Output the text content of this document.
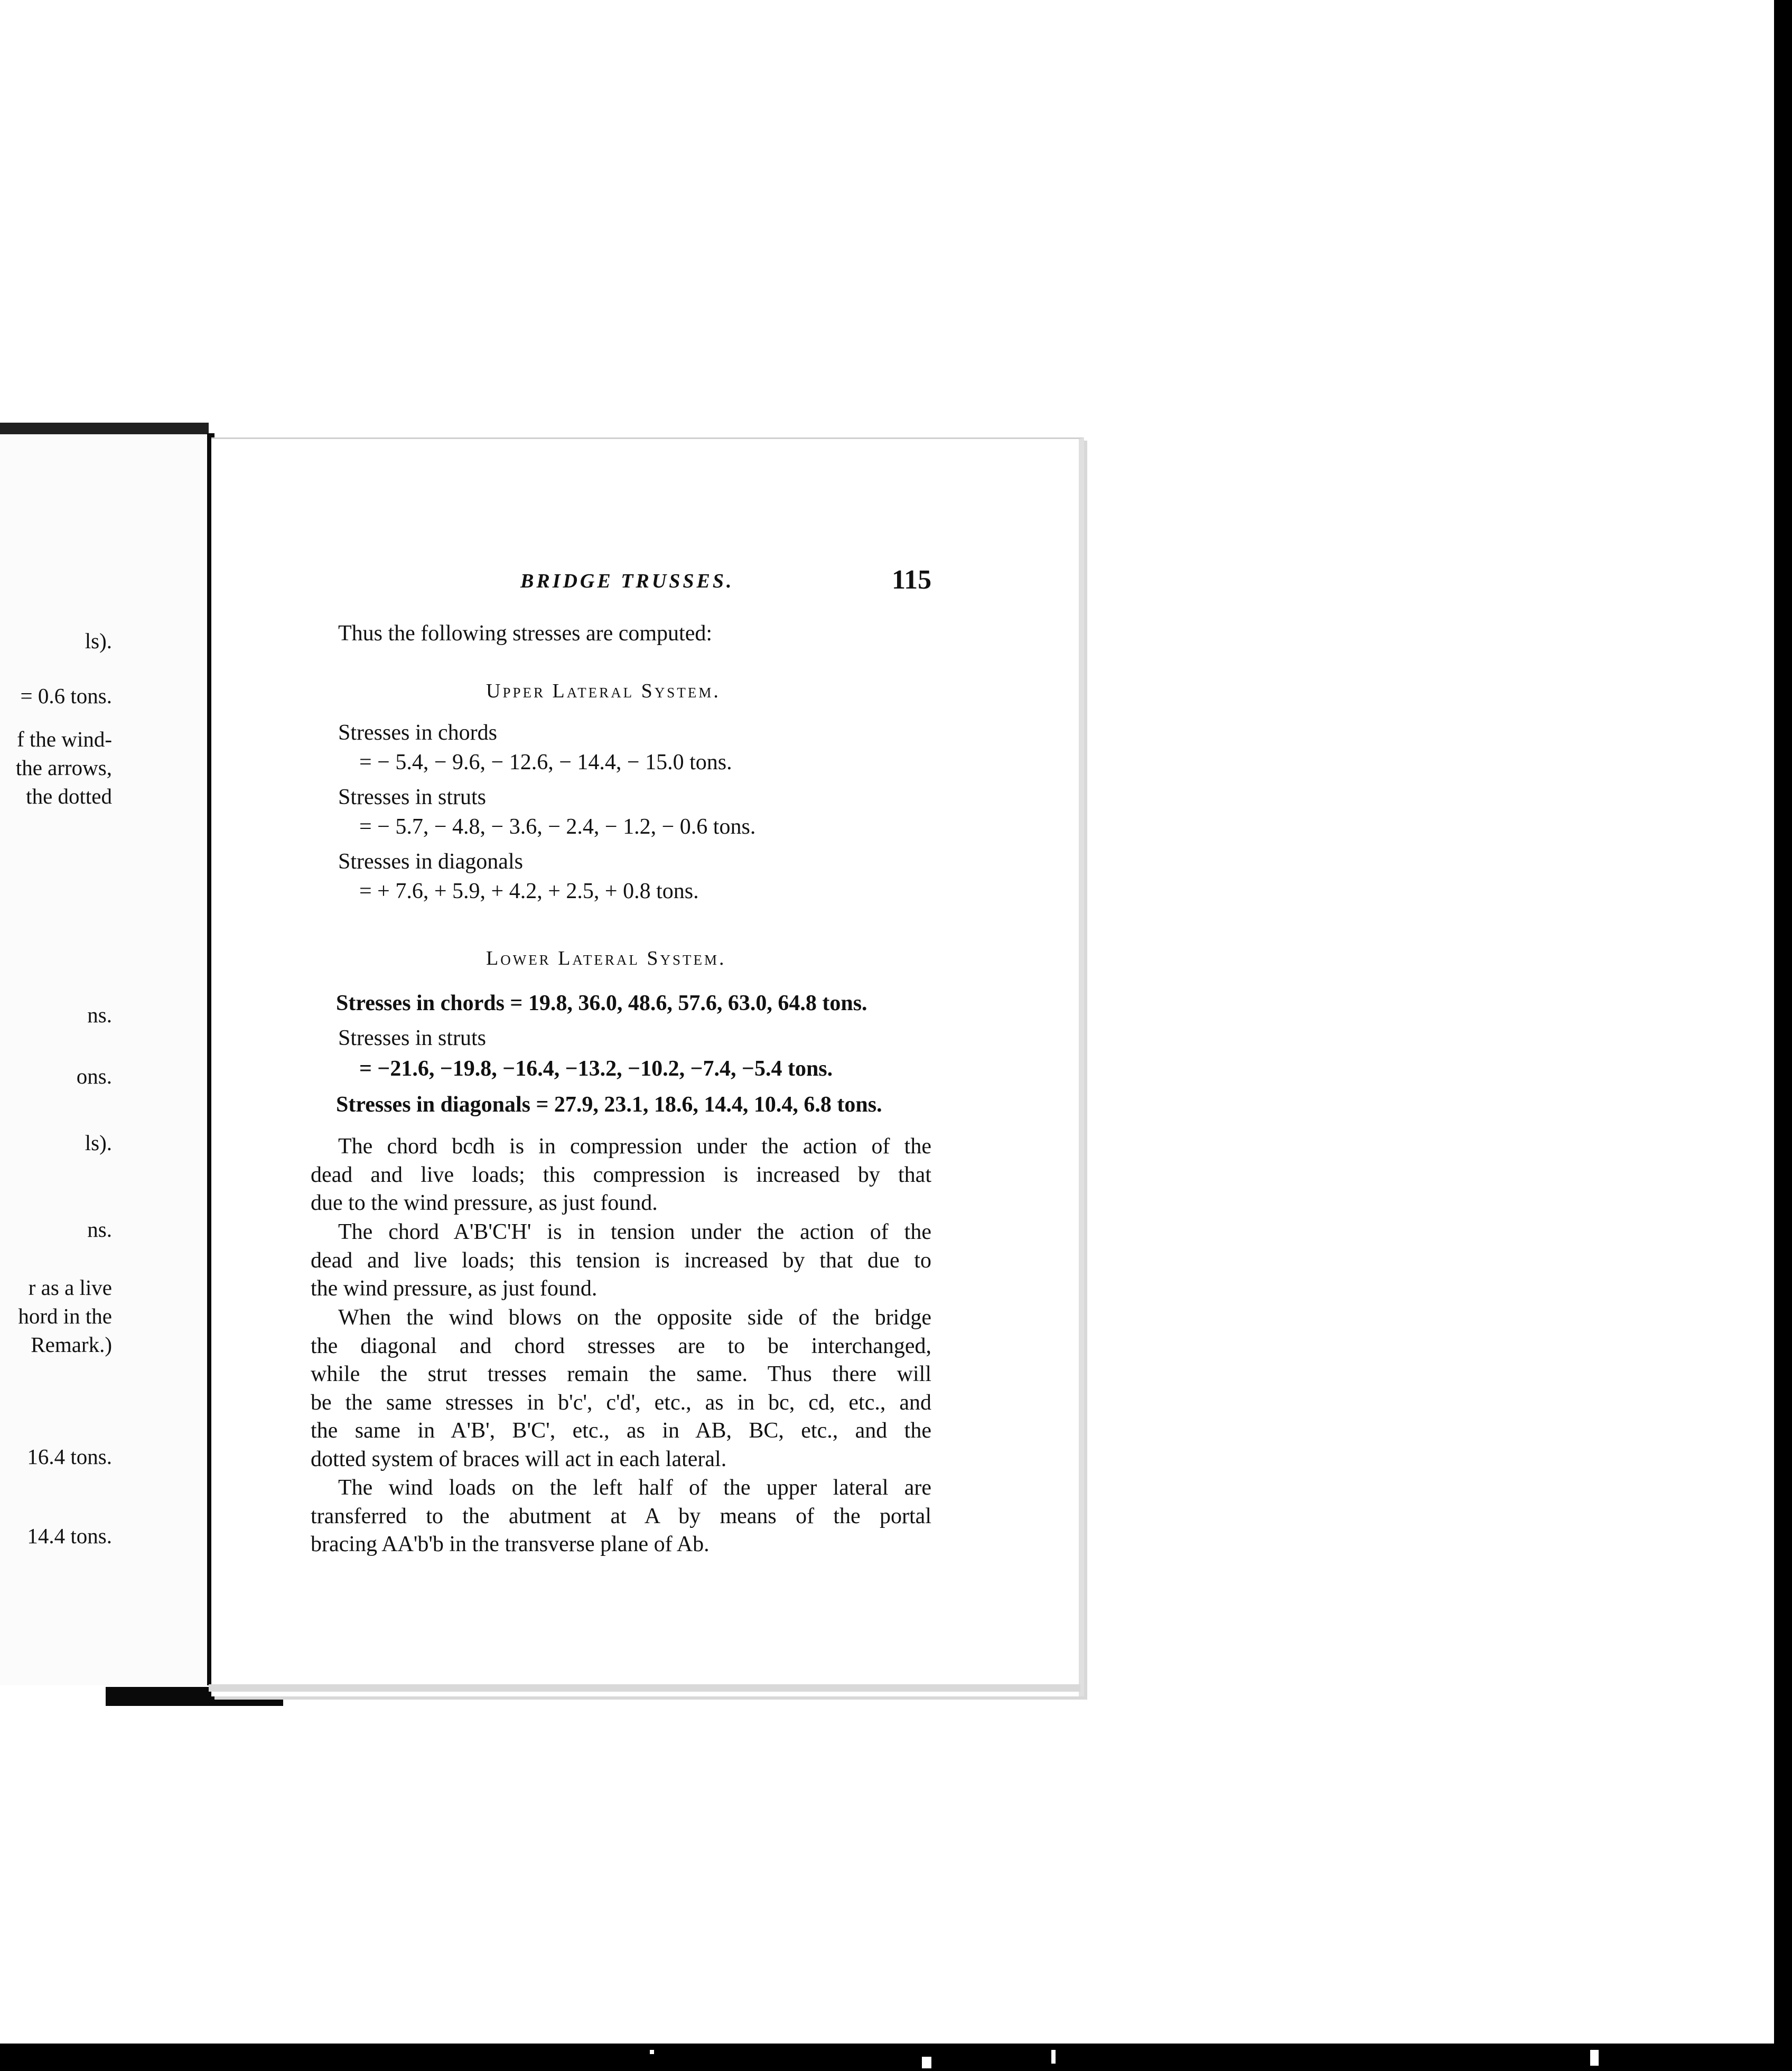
ls).
= 0.6 tons.
f the wind-
the arrows,
the dotted
ns.
ons.
ls).
ns.
r as a live
hord in the
Remark.)
16.4 tons.
14.4 tons.
BRIDGE TRUSSES.	115
Thus the following stresses are computed:
Upper Lateral System.
Stresses in chords
= − 5.4, − 9.6, − 12.6, − 14.4, − 15.0 tons.
Stresses in struts
= − 5.7, − 4.8, − 3.6, − 2.4, − 1.2, − 0.6 tons.
Stresses in diagonals
= + 7.6, + 5.9, + 4.2, + 2.5, + 0.8 tons.
Lower Lateral System.
Stresses in chords = 19.8, 36.0, 48.6, 57.6, 63.0, 64.8 tons.
Stresses in struts
= −21.6, −19.8, −16.4, −13.2, −10.2, −7.4, −5.4 tons.
Stresses in diagonals = 27.9, 23.1, 18.6, 14.4, 10.4, 6.8 tons.
The chord bcdh is in compression under the action of the
dead and live loads; this compression is increased by that
due to the wind pressure, as just found.
The chord A'B'C'H' is in tension under the action of the
dead and live loads; this tension is increased by that due to
the wind pressure, as just found.
When the wind blows on the opposite side of the bridge
the diagonal and chord stresses are to be interchanged,
while the strut tresses remain the same. Thus there will
be the same stresses in b'c', c'd', etc., as in bc, cd, etc., and
the same in A'B', B'C', etc., as in AB, BC, etc., and the
dotted system of braces will act in each lateral.
The wind loads on the left half of the upper lateral are
transferred to the abutment at A by means of the portal
bracing AA'b'b in the transverse plane of Ab.
